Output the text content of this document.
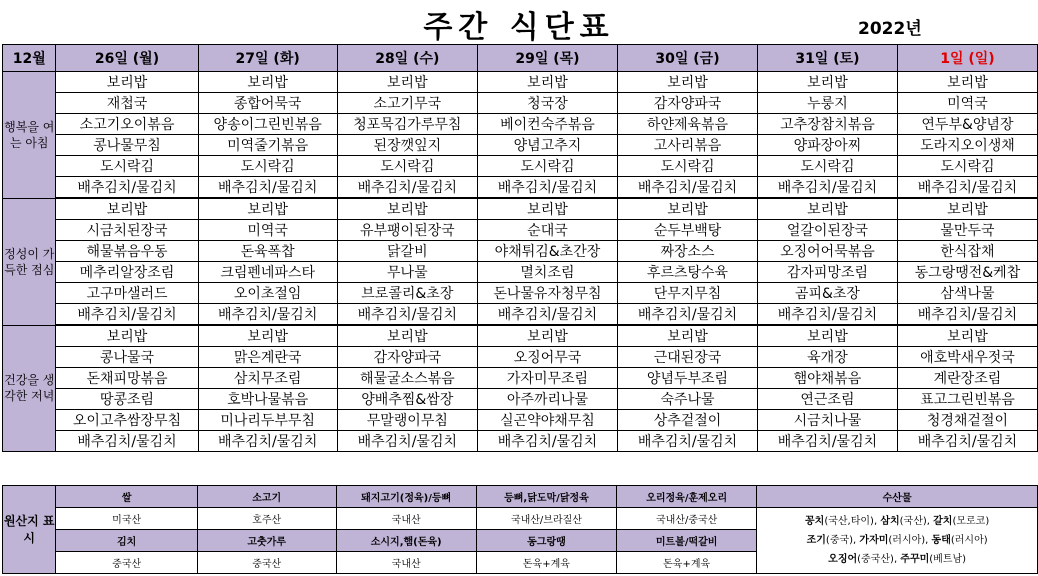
주간 식단표	2022년
12월	26일 (월)	27일 (화)	28일 (수)	29일 (목)	30일 (금)	31일 (토)	1일 (일)
행복을 여는 아침	보리밥	보리밥	보리밥	보리밥	보리밥	보리밥	보리밥
	재첩국	종합어묵국	소고기무국	청국장	감자양파국	누룽지	미역국
	소고기오이볶음	양송이그린빈볶음	청포묵김가루무침	베이컨숙주볶음	하얀제육볶음	고추장참치볶음	연두부&양념장
	콩나물무침	미역줄기볶음	된장깻잎지	양념고추지	고사리볶음	양파장아찌	도라지오이생채
	도시락김	도시락김	도시락김	도시락김	도시락김	도시락김	도시락김
	배추김치/물김치	배추김치/물김치	배추김치/물김치	배추김치/물김치	배추김치/물김치	배추김치/물김치	배추김치/물김치
정성이 가득한 점심	보리밥	보리밥	보리밥	보리밥	보리밥	보리밥	보리밥
	시금치된장국	미역국	유부팽이된장국	순대국	순두부백탕	얼갈이된장국	물만두국
	해물볶음우동	돈육폭찹	닭갈비	야채튀김&초간장	짜장소스	오징어어묵볶음	한식잡채
	메추리알장조림	크림펜네파스타	무나물	멸치조림	후르츠탕수육	감자피망조림	동그랑땡전&케찹
	고구마샐러드	오이초절임	브로콜리&초장	돈나물유자청무침	단무지무침	곰피&초장	삼색나물
	배추김치/물김치	배추김치/물김치	배추김치/물김치	배추김치/물김치	배추김치/물김치	배추김치/물김치	배추김치/물김치
건강을 생각한 저녁	보리밥	보리밥	보리밥	보리밥	보리밥	보리밥	보리밥
	콩나물국	맑은계란국	감자양파국	오징어무국	근대된장국	육개장	애호박새우젓국
	돈채피망볶음	삼치무조림	해물굴소스볶음	가자미무조림	양념두부조림	햄야채볶음	계란장조림
	땅콩조림	호박나물볶음	양배추찜&쌈장	아주까리나물	숙주나물	연근조림	표고그린빈볶음
	오이고추쌈장무침	미나리두부무침	무말랭이무침	실곤약야채무침	상추겉절이	시금치나물	청경채겉절이
	배추김치/물김치	배추김치/물김치	배추김치/물김치	배추김치/물김치	배추김치/물김치	배추김치/물김치	배추김치/물김치
원산지 표시	쌀	소고기	돼지고기(정육)/등뼈	등뼈,닭도막/닭정육	오리정육/훈제오리	수산물
	미국산	호주산	국내산	국내산/브라질산	국내산/중국산	꽁치(국산,타이), 삼치(국산), 갈치(모로코)
조기(중국), 가자미(러시아), 동태(러시아)
오징어(중국산), 주꾸미(베트남)

	김치	고춧가루	소시지,햄(돈육)	동그랑땡	미트볼/떡갈비	
	중국산	중국산	국내산	돈육+계육	돈육+계육	
